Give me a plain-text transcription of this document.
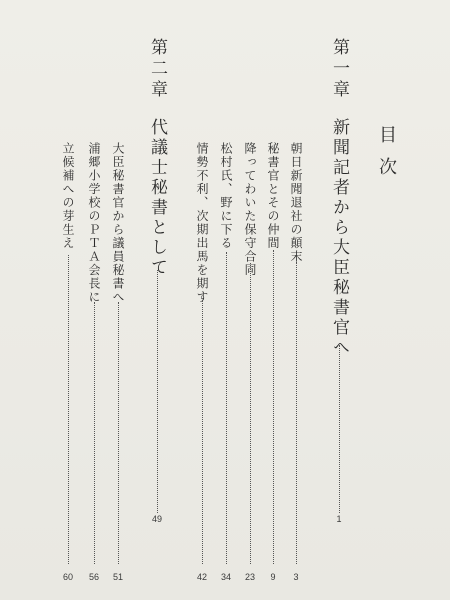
目次
第一章
新聞記者から大臣秘書官へ
1
朝日新聞退社の顛末
3
秘書官とその仲間
9
降ってわいた保守合同
23
松村氏、野に下る
34
情勢不利、次期出馬を期す
42
第二章
代議士秘書として
49
大臣秘書官から議員秘書へ
51
浦郷小学校のＰＴＡ会長に
56
立候補への芽生え
60
